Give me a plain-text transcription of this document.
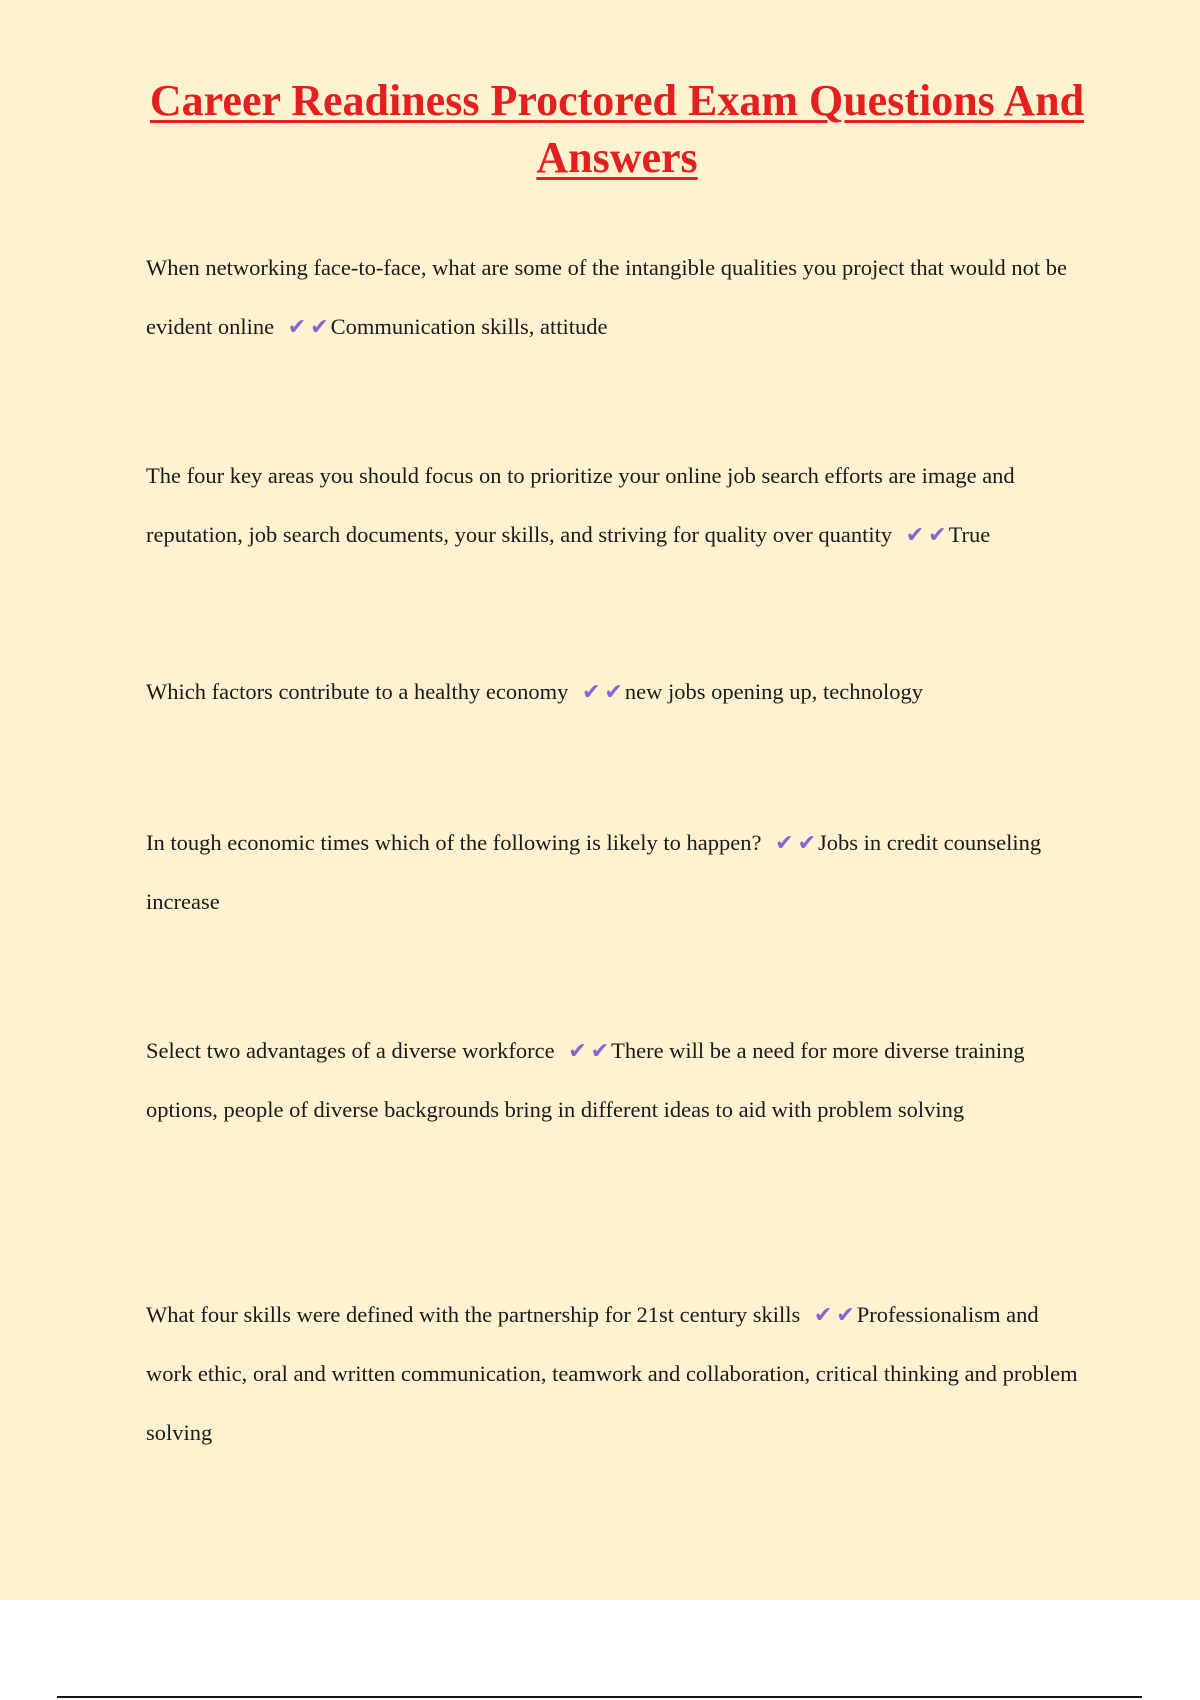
Career Readiness Proctored Exam Questions And Answers

When networking face-to-face, what are some of the intangible qualities you project that would not be evident online ✔ ✔Communication skills, attitude

The four key areas you should focus on to prioritize your online job search efforts are image and reputation, job search documents, your skills, and striving for quality over quantity ✔ ✔True

Which factors contribute to a healthy economy ✔ ✔new jobs opening up, technology

In tough economic times which of the following is likely to happen? ✔ ✔Jobs in credit counseling increase

Select two advantages of a diverse workforce ✔ ✔There will be a need for more diverse training options, people of diverse backgrounds bring in different ideas to aid with problem solving

What four skills were defined with the partnership for 21st century skills ✔ ✔Professionalism and work ethic, oral and written communication, teamwork and collaboration, critical thinking and problem solving
